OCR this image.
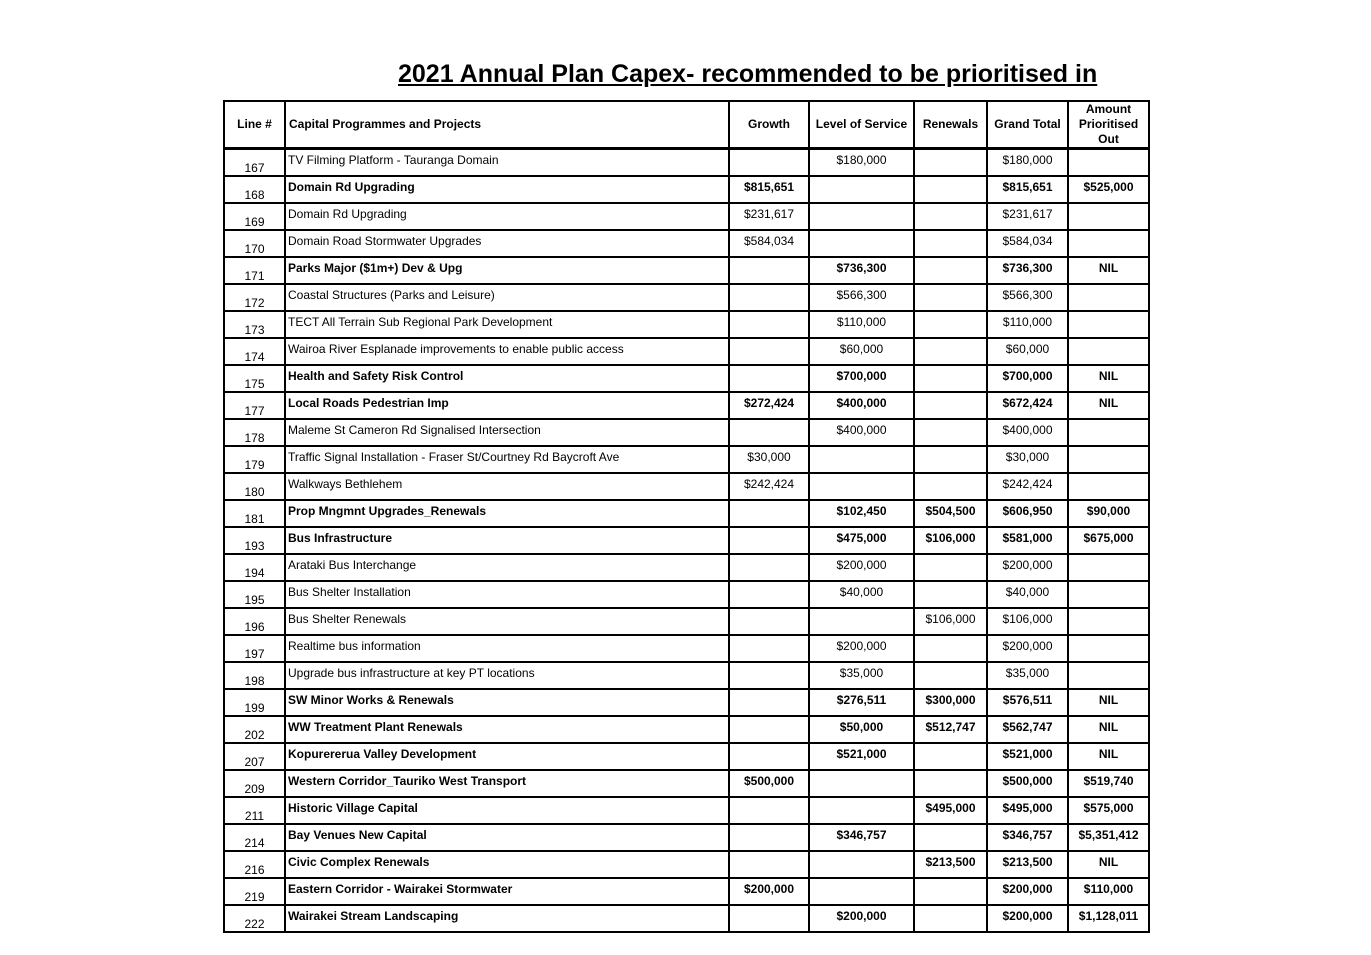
2021 Annual Plan Capex- recommended to be prioritised in
Line #	Capital Programmes and Projects	Growth	Level of Service	Renewals	Grand Total	Amount Prioritised Out
167	TV Filming Platform - Tauranga Domain		$180,000		$180,000	
168	Domain Rd Upgrading	$815,651			$815,651	$525,000
169	Domain Rd Upgrading	$231,617			$231,617	
170	Domain Road Stormwater Upgrades	$584,034			$584,034	
171	Parks Major ($1m+) Dev & Upg		$736,300		$736,300	NIL
172	Coastal Structures (Parks and Leisure)		$566,300		$566,300	
173	TECT All Terrain Sub Regional Park Development		$110,000		$110,000	
174	Wairoa River Esplanade improvements to enable public access		$60,000		$60,000	
175	Health and Safety Risk Control		$700,000		$700,000	NIL
177	Local Roads Pedestrian Imp	$272,424	$400,000		$672,424	NIL
178	Maleme St Cameron Rd Signalised Intersection		$400,000		$400,000	
179	Traffic Signal Installation - Fraser St/Courtney Rd Baycroft Ave	$30,000			$30,000	
180	Walkways Bethlehem	$242,424			$242,424	
181	Prop Mngmnt Upgrades_Renewals		$102,450	$504,500	$606,950	$90,000
193	Bus Infrastructure		$475,000	$106,000	$581,000	$675,000
194	Arataki Bus Interchange		$200,000		$200,000	
195	Bus Shelter Installation		$40,000		$40,000	
196	Bus Shelter Renewals			$106,000	$106,000	
197	Realtime bus information		$200,000		$200,000	
198	Upgrade bus infrastructure at key PT locations		$35,000		$35,000	
199	SW Minor Works & Renewals		$276,511	$300,000	$576,511	NIL
202	WW Treatment Plant Renewals		$50,000	$512,747	$562,747	NIL
207	Kopurererua Valley Development		$521,000		$521,000	NIL
209	Western Corridor_Tauriko West Transport	$500,000			$500,000	$519,740
211	Historic Village Capital			$495,000	$495,000	$575,000
214	Bay Venues New Capital		$346,757		$346,757	$5,351,412
216	Civic Complex Renewals			$213,500	$213,500	NIL
219	Eastern Corridor - Wairakei Stormwater	$200,000			$200,000	$110,000
222	Wairakei Stream Landscaping		$200,000		$200,000	$1,128,011
